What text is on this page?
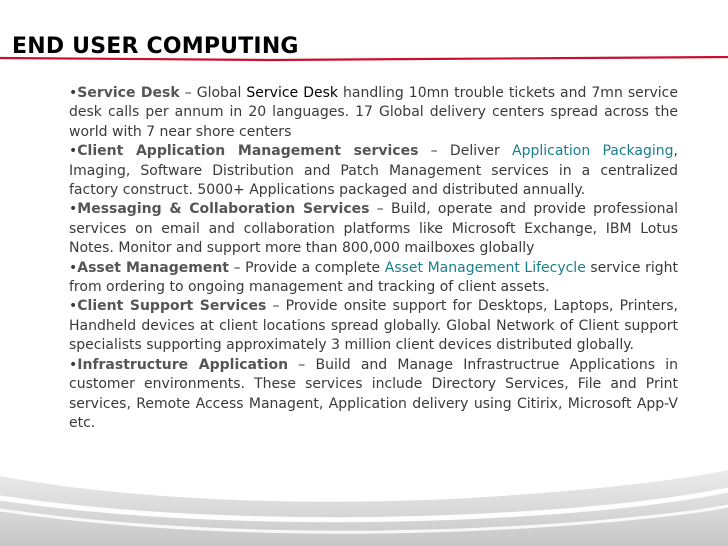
END USER COMPUTING

•Service Desk – Global Service Desk handling 10mn trouble tickets and 7mn service desk calls per annum in 20 languages. 17 Global delivery centers spread across the world with 7 near shore centers

•Client Application Management services – Deliver Application Packaging, Imaging, Software Distribution and Patch Management services in a centralized factory construct. 5000+ Applications packaged and distributed annually.

•Messaging & Collaboration Services – Build, operate and provide professional services on email and collaboration platforms like Microsoft Exchange, IBM Lotus Notes. Monitor and support more than 800,000 mailboxes globally

•Asset Management – Provide a complete Asset Management Lifecycle service right from ordering to ongoing management and tracking of client assets.

•Client Support Services – Provide onsite support for Desktops, Laptops, Printers, Handheld devices at client locations spread globally. Global Network of Client support specialists supporting approximately 3 million client devices distributed globally.

•Infrastructure Application – Build and Manage Infrastructrue Applications in customer environments. These services include Directory Services, File and Print services, Remote Access Managent, Application delivery using Citirix, Microsoft App-V etc.
